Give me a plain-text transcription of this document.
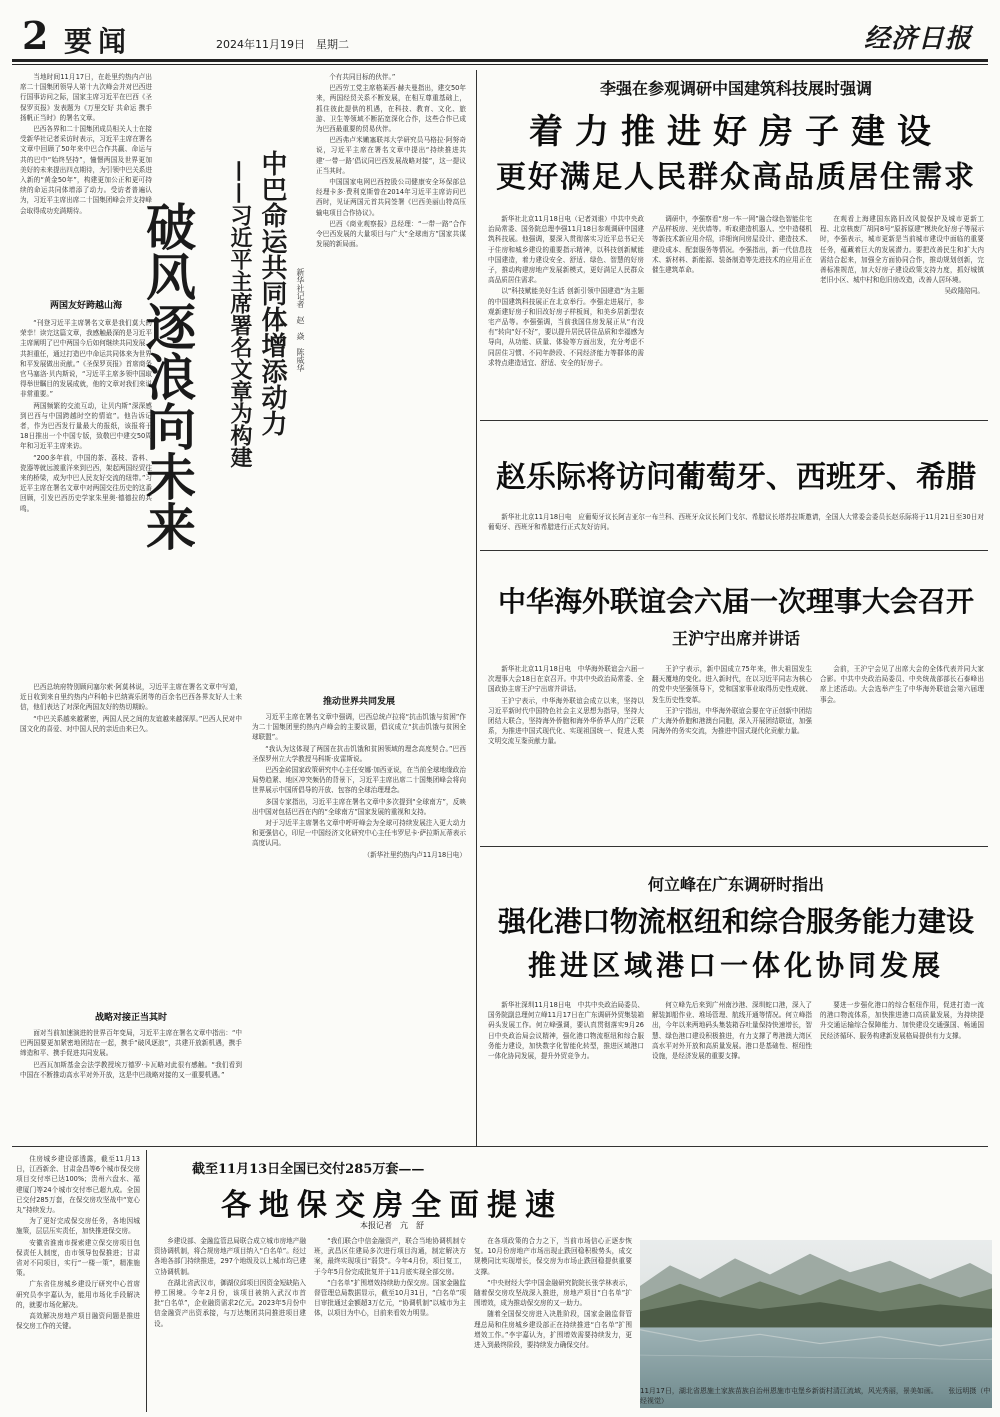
2 要闻	2024年11月19日　星期二	经济日报

当地时间11月17日，在赴里约热内卢出席二十国集团领导人第十九次峰会并对巴西进行国事访问之际，国家主席习近平在巴西《圣保罗页报》发表题为《万里交好 共命运 携手扬帆正当时》的署名文章。

巴西各界和二十国集团成员相关人士在接受新华社记者采访时表示，习近平主席在署名文章中回顾了50年来中巴合作共赢、命运与共的巴中“始终坚持”，憧憬两国及世界更加美好的未来提出四点期待，为引领中巴关系进入新的“黄金50年”，构建更加公正和更可持续的命运共同体增添了动力。受访者普遍认为，习近平主席出席二十国集团峰会并支持峰会取得成功充满期待。

两国友好跨越山海

“刊登习近平主席署名文章是我们莫大的荣幸！读完这篇文章，我感触最深的是习近平主席阐明了巴中两国今后如何继续共同发展、共担重任，通过打造巴中命运共同体来为世界和平发展做出贡献。”《圣保罗页报》首席商务官马塞洛·贝内斯说，“习近平主席多领中国取得举世瞩目的发展成就，他的文章对我们来说非常重要。”

两国频繁的交流互动，让贝内斯“深深感到巴西与中国跨越时空的情谊”。他告诉记者，作为巴西发行量最大的报纸，该报将于18日推出一个中国专版，致敬巴中建交50周年和习近平主席来访。

“200多年前，中国的茶、荔枝、香料、瓷器等就远渡重洋来到巴西，架起两国经贸往来的桥梁，成为中巴人民友好交流的纽带。”习近平主席在署名文章中对两国交往历史的这番回顾，引发巴西历史学家朱里奥·德德拉的共鸣。	破风逐浪向未来	中巴命运共同体增添动力
——习近平主席署名文章为构建	新华社记者　赵　焱　陈威华

个有共同目标的伙伴。”

巴西劳工党主席格莱西·赫夫曼指出，建交50年来，两国经贸关系不断发展，在相互尊重基础上，抓住彼此提供的机遇，在科技、教育、文化、旅游、卫生等领域不断拓宽深化合作，这些合作已成为巴西最重要的贸易伙伴。

巴西弗卢米嫩塞联邦大学研究员马格拉·阿努奇说，习近平主席在署名文章中提出“持续推进共建‘一带一路’倡议同巴西发展战略对接”，这一提议正当其时。

中国国家电网巴西控股公司健康安全环保部总经理卡多·费利克斯曾在2014年习近平主席访问巴西时，见证两国元首共同签署《巴西美丽山特高压输电项目合作协议》。

巴西《商业观察报》总经理：“一带一路”合作令巴西发展的大量项目与广大“全球南方”国家共谋发展的新局面。

巴西总统府特别顾问塞尔索·阿莫林说，习近平主席在署名文章中写道，近日收到来自里约热内卢科帕卡巴纳赛乐团等的百余名巴西各界友好人士来信，他们表达了对深化两国友好的热切期盼。

“中巴关系越来越紧密，两国人民之间的友谊越来越深厚。”巴西人民对中国文化的喜爱、对中国人民的亲近由来已久。

战略对接正当其时

面对当前加速演进的世界百年变局，习近平主席在署名文章中指出：“中巴两国要更加紧密地团结在一起，携手“破风逐浪”，共建开放新机遇，携手缔造和平、携手促进共同发展。

巴西瓦加斯基金会法学教授埃万德罗·卡瓦略对此很有感触。“我们看到中国在不断推动高水平对外开放，这是中巴战略对接的又一重要机遇。”

推动世界共同发展

习近平主席在署名文章中强调，巴西总统卢拉将“抗击饥饿与贫困”作为二十国集团里约热内卢峰会的主要议题，倡议成立“抗击饥饿与贫困全球联盟”。

“我认为这体现了两国在抗击饥饿和贫困领域的理念高度契合。”巴西圣保罗州立大学教授马科斯·皮雷斯说。

巴西金砖国家政策研究中心主任安娜·加西亚说，在当前全球地缘政治局势趋紧、地区冲突频仍的背景下，习近平主席出席二十国集团峰会将向世界展示中国所倡导的开放、包容的全球治理理念。

多国专家指出，习近平主席在署名文章中多次提到“全球南方”，反映出中国对包括巴西在内的“全球南方”国家发展的重视和支持。

对于习近平主席署名文章中呼吁峰会为全球可持续发展注入更大动力和更强信心，印尼一中国经济文化研究中心主任韦罗尼卡·萨拉斯瓦蒂表示高度认同。

（新华社里约热内卢11月18日电）

李强在参观调研中国建筑科技展时强调
着力推进好房子建设
更好满足人民群众高品质居住需求

新华社北京11月18日电（记者刘谁）中共中央政治局常委、国务院总理李强11月18日参观调研中国建筑科技展。他强调，要深入贯彻落实习近平总书记关于住房和城乡建设的重要指示精神，以科技创新赋能中国建造，着力建设安全、舒适、绿色、智慧的好房子，推动构建房地产发展新模式，更好满足人民群众高品质居住需求。

以“科技赋能美好生活 创新引领中国建造”为主题的中国建筑科技展正在北京举行。李强走进展厅，参观新建好房子和旧改好房子样板间，和美乡居新型农宅产品等。李强强调，当前我国住房发展正从“有没有”转向“好不好”，要以提升居民居住品质和幸福感为导向，从功能、质量、体验等方面出发，充分考虑不同居住习惯、不同年龄段、不同经济能力等群体的需求特点建造适宜、舒适、安全的好房子。

调研中，李强察看“房一车一网”融合绿色智能住宅产品样板房、光伏墙等。听取建造机器人、空中造楼机等新技术新应用介绍，详细询问房屋设计、建造技术、建设成本、配套服务等情况。李强指出，新一代信息技术、新材料、新能源、装备制造等先进技术的应用正在催生建筑革命。

在观看上海建国东路旧改风貌保护及城市更新工程、北京核废厂胡同8号“原拆原建”模块化好房子等展示时，李强表示，城市更新是当前城市建设中面临的重要任务，蕴藏着巨大的发展潜力。要把改善民生和扩大内需结合起来，加强全方面协同合作，推动规划创新，完善标准规范，加大好房子建设政策支持力度，抓好城镇老旧小区、城中村和危旧房改造，改善人居环境。

吴政隆陪同。

赵乐际将访问葡萄牙、西班牙、希腊

新华社北京11月18日电　应葡萄牙议长阿吉亚尔一布兰科、西班牙众议长阿门戈尔、希腊议长塔苏拉斯邀请，全国人大常委会委员长赵乐际将于11月21日至30日对葡萄牙、西班牙和希腊进行正式友好访问。

中华海外联谊会六届一次理事大会召开
王沪宁出席并讲话

新华社北京11月18日电　中华海外联谊会六届一次理事大会18日在京召开。中共中央政治局常委、全国政协主席王沪宁出席并讲话。

王沪宁表示，中华海外联谊会成立以来，坚持以习近平新时代中国特色社会主义思想为指导，坚持大团结大联合，坚持海外侨胞和海外华侨华人的广泛联系，为推进中国式现代化、实现祖国统一、促进人类文明交流互鉴贡献力量。

王沪宁表示，新中国成立75年来，伟大祖国发生翻天覆地的变化。进入新时代，在以习近平同志为核心的党中央坚强领导下，党和国家事业取得历史性成就、发生历史性变革。

王沪宁指出，中华海外联谊会要在守正创新中团结广大海外侨胞和港澳台同胞，深入开展团结联谊，加强同海外的务实交流，为推进中国式现代化贡献力量。

会前，王沪宁会见了出席大会的全体代表并同大家合影。中共中央政治局委员、中央统战部部长石泰峰出席上述活动。大会选举产生了中华海外联谊会第六届理事会。

何立峰在广东调研时指出
强化港口物流枢纽和综合服务能力建设
推进区域港口一体化协同发展

新华社深圳11月18日电　中共中央政治局委员、国务院副总理何立峰11月17日在广东调研外贸集装箱码头发展工作。何立峰强调，要认真贯彻落实9月26日中央政治局会议精神，强化港口物流枢纽和综合服务能力建设，加快数字化智能化转型，推进区域港口一体化协同发展，提升外贸竞争力。

何立峰先后来到广州南沙港、深圳蛇口港，深入了解装卸船作业、堆场管理、航线开通等情况。何立峰指出，今年以来两地码头集装箱吞吐量保持快速增长，智慧、绿色港口建设积极推进，有力支撑了粤港澳大湾区高水平对外开放和高质量发展。港口是基础性、枢纽性设施，是经济发展的重要支撑。

要进一步强化港口的综合枢纽作用，促进打造一流的港口物流体系，加快推进港口高质量发展，为持续提升交通运输综合保障能力、加快建设交通强国、畅通国民经济循环、服务构建新发展格局提供有力支撑。

住房城乡建设部透露，截至11月13日，江西新余、甘肃金昌等6个城市保交房项目交付率已达100%；贵州六盘水、福建厦门等24个城市交付率已超九成。全国已交付285万套，在保交房攻坚战中“宽心丸”持续发力。

为了更好完成保交房任务，各地因城施策，层层压实责任，加快推进保交房。

安徽省淮南市探索建立保交房项目包保责任人制度，由市领导包保推进；甘肃省对不同项目，实行“一楼一策”，精准施策。

广东省住房城乡建设厅研究中心首席研究员李宇嘉认为，能用市场化手段解决的，就要市场化解决。

高效解决房地产项目融资问题是推进保交房工作的关键。

截至11月13日全国已交付285万套——
各地保交房全面提速
本报记者　亢　舒

乡建设部、金融监管总局联合成立城市房地产融资协调机制，将合规房地产项目纳入“白名单”。经过各地各部门持续推进，297个地级及以上城市均已建立协调机制。

在湖北省武汉市，御湖仪邱项目因资金短缺陷入停工困境。今年2月份，该项目被纳入武汉市首批“白名单”，企业融资需求2亿元。2023年5月份中信金融资产出资承接，与万达集团共同推进项目建设。

“我们联合中信金融资产，联合当地协调机制专班，武昌区住建局多次进行项目沟通，制定解决方案，最终实现项目“弱贷”。今年4月份，项目复工，于今年5月份完成批复并于11月底实现全部交房。

“白名单”扩围增效持续助力保交房。国家金融监督管理总局数据显示，截至10月31日，“白名单”项目审批通过金额超3万亿元，“协调机制”以城市为主体，以项目为中心，目前来看效力明显。

在各项政策的合力之下，当前市场信心正逐步恢复。10月份房地产市场出现止跌回稳积极势头，成交规模同比实现增长，保交房为市场止跌回稳提供重要支撑。

“中央财经大学中国金融研究院院长张学林表示，随着保交房攻坚战深入推进，房地产项目“白名单”扩围增效，成为推动保交房的又一助力。

随着全国保交房进入决胜阶段，国家金融监督管理总局和住房城乡建设部正在持续推进“白名单”扩围增效工作。”李宇嘉认为，扩围增效需要持续发力，更进入到最终阶段，要持续发力确保交付。

11月17日，湖北省恩施土家族苗族自治州恩施市屯堡乡新街村清江流域，风光秀丽，景美如画。　　张远明摄（中经视觉）
